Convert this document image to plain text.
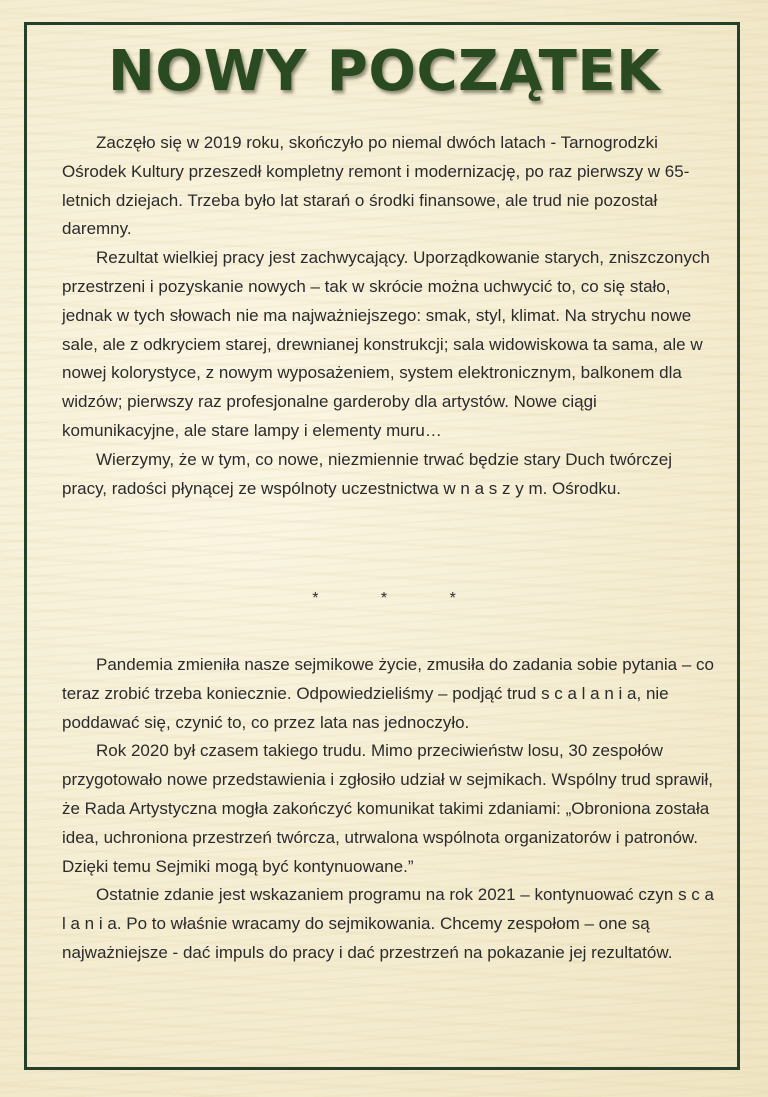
NOWY POCZĄTEK

Zaczęło się w 2019 roku, skończyło po niemal dwóch latach - Tarnogrodzki Ośrodek Kultury przeszedł kompletny remont i modernizację, po raz pierwszy w 65-letnich dziejach. Trzeba było lat starań o środki finansowe, ale trud nie pozostał daremny.

Rezultat wielkiej pracy jest zachwycający. Uporządkowanie starych, zniszczonych przestrzeni i pozyskanie nowych – tak w skrócie można uchwycić to, co się stało, jednak w tych słowach nie ma najważniejszego: smak, styl, klimat. Na strychu nowe sale, ale z odkryciem starej, drewnianej konstrukcji; sala widowiskowa ta sama, ale w nowej kolorystyce, z nowym wyposażeniem, system elektronicznym, balkonem dla widzów; pierwszy raz profesjonalne garderoby dla artystów. Nowe ciągi komunikacyjne, ale stare lampy i elementy muru…

Wierzymy, że w tym, co nowe, niezmiennie trwać będzie stary Duch twórczej pracy, radości płynącej ze wspólnoty uczestnictwa w n a s z y m. Ośrodku.

*	*	*

Pandemia zmieniła nasze sejmikowe życie, zmusiła do zadania sobie pytania – co teraz zrobić trzeba koniecznie. Odpowiedzieliśmy – podjąć trud s c a l a n i a, nie poddawać się, czynić to, co przez lata nas jednoczyło.

Rok 2020 był czasem takiego trudu. Mimo przeciwieństw losu, 30 zespołów przygotowało nowe przedstawienia i zgłosiło udział w sejmikach. Wspólny trud sprawił, że Rada Artystyczna mogła zakończyć komunikat takimi zdaniami: „Obroniona została idea, uchroniona przestrzeń twórcza, utrwalona wspólnota organizatorów i patronów. Dzięki temu Sejmiki mogą być kontynuowane.”

Ostatnie zdanie jest wskazaniem programu na rok 2021 – kontynuować czyn s c a l a n i a. Po to właśnie wracamy do sejmikowania. Chcemy zespołom – one są najważniejsze - dać impuls do pracy i dać przestrzeń na pokazanie jej rezultatów.
